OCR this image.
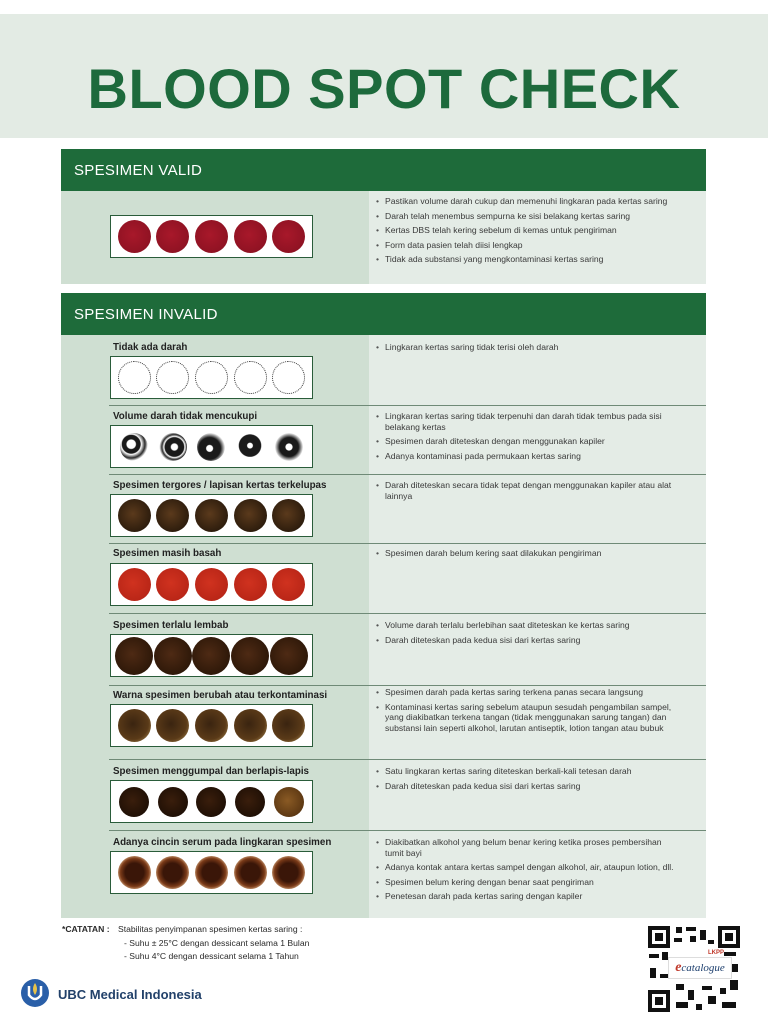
BLOOD SPOT CHECK
SPESIMEN VALID
• Pastikan volume darah cukup dan memenuhi lingkaran pada kertas saring
• Darah telah menembus sempurna ke sisi belakang kertas saring
• Kertas DBS telah kering sebelum di kemas untuk pengiriman
• Form data pasien telah diisi lengkap
• Tidak ada substansi yang mengkontaminasi kertas saring
SPESIMEN INVALID
Tidak ada darah	• Lingkaran kertas saring tidak terisi oleh darah
Volume darah tidak mencukupi	• Lingkaran kertas saring tidak terpenuhi dan darah tidak tembus pada sisi belakang kertas
• Spesimen darah diteteskan dengan menggunakan kapiler
• Adanya kontaminasi pada permukaan kertas saring
Spesimen tergores / lapisan kertas terkelupas	• Darah diteteskan secara tidak tepat dengan menggunakan kapiler atau alat lainnya
Spesimen masih basah	• Spesimen darah belum kering saat dilakukan pengiriman
Spesimen terlalu lembab	• Volume darah terlalu berlebihan saat diteteskan ke kertas saring
• Darah diteteskan pada kedua sisi dari kertas saring
Warna spesimen berubah atau terkontaminasi	• Spesimen darah pada kertas saring terkena panas secara langsung
• Kontaminasi kertas saring sebelum ataupun sesudah pengambilan sampel, yang diakibatkan terkena tangan (tidak menggunakan sarung tangan) dan substansi lain seperti alkohol, larutan antiseptik, lotion tangan atau bubuk
Spesimen menggumpal dan berlapis-lapis	• Satu lingkaran kertas saring diteteskan berkali-kali tetesan darah
• Darah diteteskan pada kedua sisi dari kertas saring
Adanya cincin serum pada lingkaran spesimen	• Diakibatkan alkohol yang belum benar kering ketika proses pembersihan tumit bayi
• Adanya kontak antara kertas sampel dengan alkohol, air, ataupun lotion, dll.
• Spesimen belum kering dengan benar saat pengiriman
• Penetesan darah pada kertas saring dengan kapiler
*CATATAN : Stabilitas penyimpanan spesimen kertas saring :
- Suhu ± 25°C dengan dessicant selama 1 Bulan
- Suhu 4°C dengan dessicant selama 1 Tahun
UBC Medical Indonesia
ecatalogue
LKPP
